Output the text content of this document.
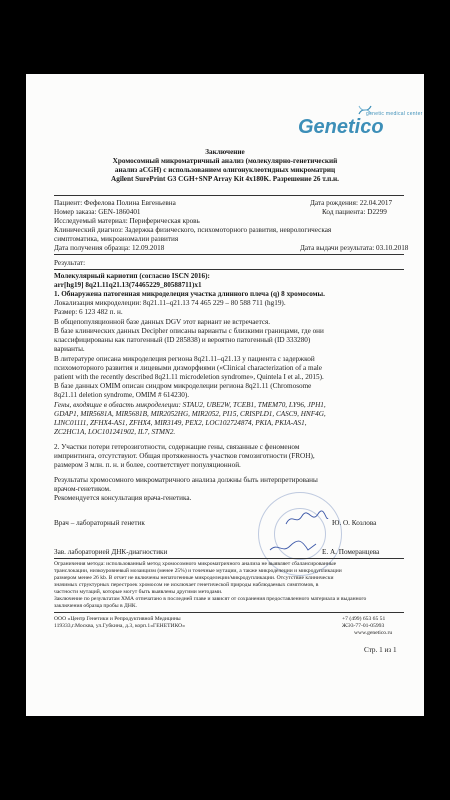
Genetico
genetic medical center
Заключение
Хромосомный микроматричный анализ (молекулярно-генетический
анализ aCGH) с использованием олигонуклеотидных микроматриц
Agilent SurePrint G3 CGH+SNP Array Kit 4x180K. Разрешение 26 т.п.н.
Пациент: Фефелова Полина Евгеньевна	Дата рождения: 22.04.2017
Номер заказа: GEN-1860401	Код пациента: D2299
Исследуемый материал: Периферическая кровь
Клинический диагноз: Задержка физического, психомоторного развития, неврологическая
симптоматика, микроаномалии развития
Дата получения образца: 12.09.2018	Дата выдачи результата: 03.10.2018
Результат:
Молекулярный кариотип (согласно ISCN 2016):
arr[hg19] 8q21.11q21.13(74465229_80588711)x1
1. Обнаружена патогенная микроделеция участка длинного плеча (q) 8 хромосомы.
Локализация микроделеции: 8q21.11–q21.13 74 465 229 – 80 588 711 (hg19).
Размер: 6 123 482 п. н.
В общепопуляционной базе данных DGV этот вариант не встречается.
В базе клинических данных Decipher описаны варианты с близкими границами, где они
классифицированы как патогенный (ID 285838) и вероятно патогенный (ID 333280)
варианты.
В литературе описана микроделеция региона 8q21.11–q21.13 у пациента с задержкой
психомоторного развития и лицевыми дизморфиями («Clinical characterization of a male
patient with the recently described 8q21.11 microdeletion syndrome», Quintela I et al., 2015).
В базе данных OMIM описан синдром микроделеции региона 8q21.11 (Chromosome
8q21.11 deletion syndrome, OMIM # 614230).
Гены, входящие в область микроделеции: STAU2, UBE2W, TCEB1, TMEM70, LY96, JPH1,
GDAP1, MIR5681A, MIR5681B, MIR2052HG, MIR2052, PI15, CRISPLD1, CASC9, HNF4G,
LINC01111, ZFHX4-AS1, ZFHX4, MIR3149, PEX2, LOC102724874, PKIA, PKIA-AS1,
ZC2HC1A, LOC101241902, IL7, STMN2.
2. Участки потери гетерозиготности, содержащие гены, связанные с феноменом
импринтинга, отсутствуют. Общая протяженность участков гомозиготности (FROH),
размером 3 млн. п. н. и более, соответствует популяционной.
Результаты хромосомного микроматричного анализа должны быть интерпретированы
врачом-генетиком.
Рекомендуется консультация врача-генетика.
Врач – лабораторный генетик	Ю. О. Козлова
Зав. лабораторией ДНК-диагностики	Е. А. Померанцева
Ограничения метода: использованный метод хромосомного микроматричного анализа не выявляет сбалансированные
транслокации, низкоуровневый мозаицизм (менее 25%) и точечные мутации, а также микроделеции и микродупликации
размером менее 26 kb. В отчет не включены непатогенные микроделеции/микродупликации. Отсутствие клинически
значимых структурных перестроек хромосом не исключает генетической природы наблюдаемых симптомов, в
частности мутаций, которые могут быть выявлены другими методами.
Заключение по результатам ХМА отпечатано в последней главе и зависят от сохранения предоставленного материала и выданного
заключения образца пробы в ДНК.
ООО «Центр Генетики и Репродуктивной Медицины
119333,г.Москва, ул.Губкина, д.3, корп.1«ГЕНЕТИКО»
+7 (499) 653 65 51
ЖЭ3-77-01-05993
www.genetico.ru
Стр. 1 из 1
